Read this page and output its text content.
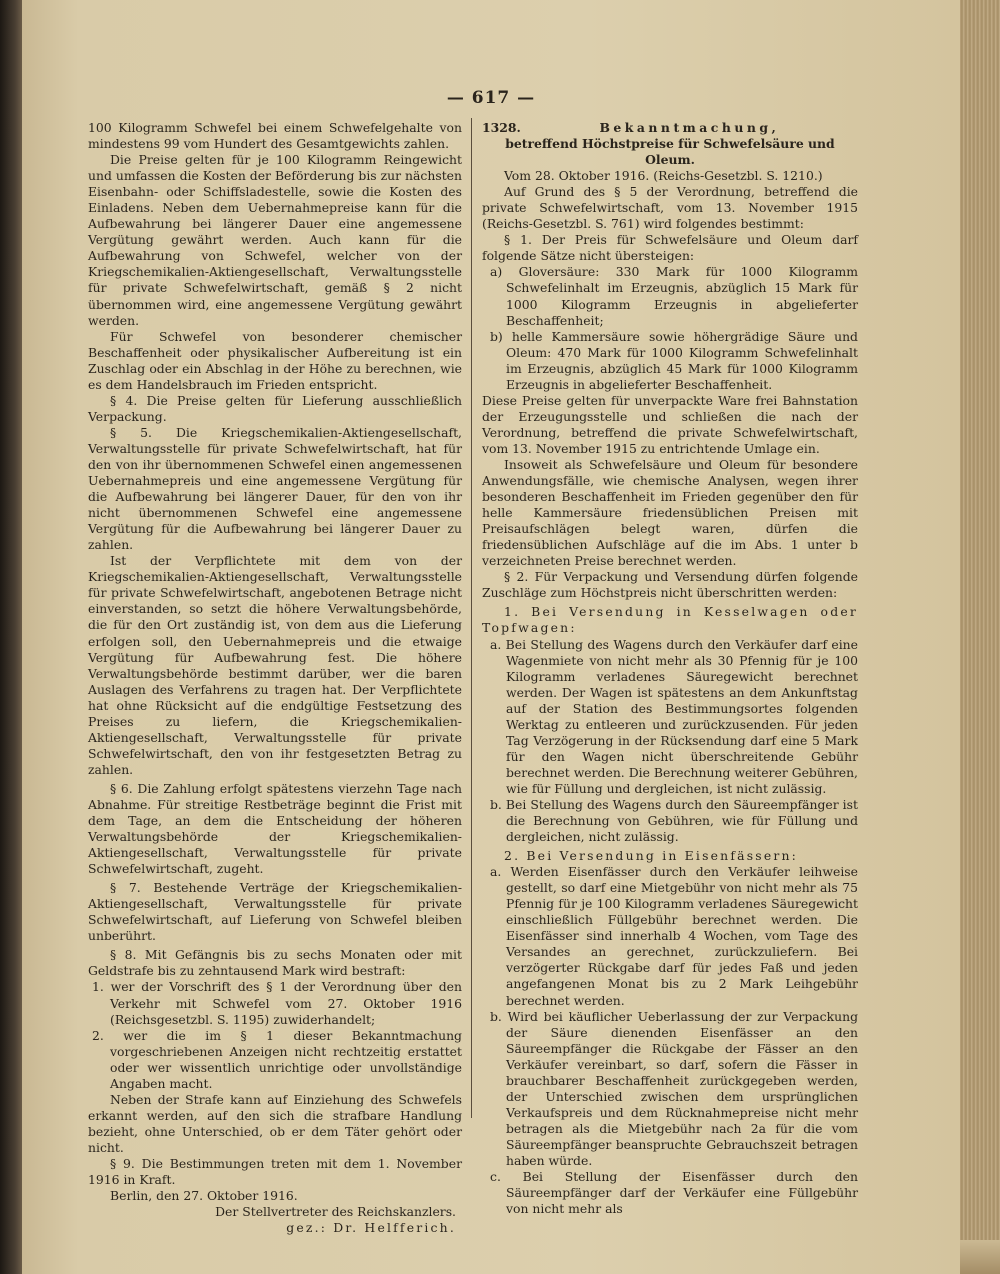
— 617 —

100 Kilogramm Schwefel bei einem Schwefelgehalte von mindestens 99 vom Hundert des Gesamtgewichts zahlen.

Die Preise gelten für je 100 Kilogramm Reingewicht und umfassen die Kosten der Beförderung bis zur nächsten Eisenbahn- oder Schiffsladestelle, sowie die Kosten des Einladens. Neben dem Uebernahmepreise kann für die Aufbewahrung bei längerer Dauer eine angemessene Vergütung gewährt werden. Auch kann für die Aufbewahrung von Schwefel, welcher von der Kriegschemikalien-Aktiengesellschaft, Verwaltungsstelle für private Schwefelwirtschaft, gemäß § 2 nicht übernommen wird, eine angemessene Vergütung gewährt werden.

Für Schwefel von besonderer chemischer Beschaffenheit oder physikalischer Aufbereitung ist ein Zuschlag oder ein Abschlag in der Höhe zu berechnen, wie es dem Handelsbrauch im Frieden entspricht.

§ 4. Die Preise gelten für Lieferung ausschließlich Verpackung.

§ 5. Die Kriegschemikalien-Aktiengesellschaft, Verwaltungsstelle für private Schwefelwirtschaft, hat für den von ihr übernommenen Schwefel einen angemessenen Uebernahmepreis und eine angemessene Vergütung für die Aufbewahrung bei längerer Dauer, für den von ihr nicht übernommenen Schwefel eine angemessene Vergütung für die Aufbewahrung bei längerer Dauer zu zahlen.

Ist der Verpflichtete mit dem von der Kriegschemikalien-Aktiengesellschaft, Verwaltungsstelle für private Schwefelwirtschaft, angebotenen Betrage nicht einverstanden, so setzt die höhere Verwaltungsbehörde, die für den Ort zuständig ist, von dem aus die Lieferung erfolgen soll, den Uebernahmepreis und die etwaige Vergütung für Aufbewahrung fest. Die höhere Verwaltungsbehörde bestimmt darüber, wer die baren Auslagen des Verfahrens zu tragen hat. Der Verpflichtete hat ohne Rücksicht auf die endgültige Festsetzung des Preises zu liefern, die Kriegschemikalien-Aktiengesellschaft, Verwaltungsstelle für private Schwefelwirtschaft, den von ihr festgesetzten Betrag zu zahlen.

§ 6. Die Zahlung erfolgt spätestens vierzehn Tage nach Abnahme. Für streitige Restbeträge beginnt die Frist mit dem Tage, an dem die Entscheidung der höheren Verwaltungsbehörde der Kriegschemikalien-Aktiengesellschaft, Verwaltungsstelle für private Schwefelwirtschaft, zugeht.

§ 7. Bestehende Verträge der Kriegschemikalien-Aktiengesellschaft, Verwaltungsstelle für private Schwefelwirtschaft, auf Lieferung von Schwefel bleiben unberührt.

§ 8. Mit Gefängnis bis zu sechs Monaten oder mit Geldstrafe bis zu zehntausend Mark wird bestraft:

1. wer der Vorschrift des § 1 der Verordnung über den Verkehr mit Schwefel vom 27. Oktober 1916 (Reichsgesetzbl. S. 1195) zuwiderhandelt;

2. wer die im § 1 dieser Bekanntmachung vorgeschriebenen Anzeigen nicht rechtzeitig erstattet oder wer wissentlich unrichtige oder unvollständige Angaben macht.

Neben der Strafe kann auf Einziehung des Schwefels erkannt werden, auf den sich die strafbare Handlung bezieht, ohne Unterschied, ob er dem Täter gehört oder nicht.

§ 9. Die Bestimmungen treten mit dem 1. November 1916 in Kraft.

Berlin, den 27. Oktober 1916.

Der Stellvertreter des Reichskanzlers.

gez.: Dr. Helfferich.

1328.	Bekanntmachung,

betreffend Höchstpreise für Schwefelsäure und Oleum.

Vom 28. Oktober 1916. (Reichs-Gesetzbl. S. 1210.)

Auf Grund des § 5 der Verordnung, betreffend die private Schwefelwirtschaft, vom 13. November 1915 (Reichs-Gesetzbl. S. 761) wird folgendes bestimmt:

§ 1. Der Preis für Schwefelsäure und Oleum darf folgende Sätze nicht übersteigen:

a) Gloversäure: 330 Mark für 1000 Kilogramm Schwefelinhalt im Erzeugnis, abzüglich 15 Mark für 1000 Kilogramm Erzeugnis in abgelieferter Beschaffenheit;

b) helle Kammersäure sowie höhergrädige Säure und Oleum: 470 Mark für 1000 Kilogramm Schwefelinhalt im Erzeugnis, abzüglich 45 Mark für 1000 Kilogramm Erzeugnis in abgelieferter Beschaffenheit.

Diese Preise gelten für unverpackte Ware frei Bahnstation der Erzeugungsstelle und schließen die nach der Verordnung, betreffend die private Schwefelwirtschaft, vom 13. November 1915 zu entrichtende Umlage ein.

Insoweit als Schwefelsäure und Oleum für besondere Anwendungsfälle, wie chemische Analysen, wegen ihrer besonderen Beschaffenheit im Frieden gegenüber den für helle Kammersäure friedensüblichen Preisen mit Preisaufschlägen belegt waren, dürfen die friedensüblichen Aufschläge auf die im Abs. 1 unter b verzeichneten Preise berechnet werden.

§ 2. Für Verpackung und Versendung dürfen folgende Zuschläge zum Höchstpreis nicht überschritten werden:

1. Bei Versendung in Kesselwagen oder Topfwagen:

a. Bei Stellung des Wagens durch den Verkäufer darf eine Wagenmiete von nicht mehr als 30 Pfennig für je 100 Kilogramm verladenes Säuregewicht berechnet werden. Der Wagen ist spätestens an dem Ankunftstag auf der Station des Bestimmungsortes folgenden Werktag zu entleeren und zurückzusenden. Für jeden Tag Verzögerung in der Rücksendung darf eine 5 Mark für den Wagen nicht überschreitende Gebühr berechnet werden. Die Berechnung weiterer Gebühren, wie für Füllung und dergleichen, ist nicht zulässig.

b. Bei Stellung des Wagens durch den Säureempfänger ist die Berechnung von Gebühren, wie für Füllung und dergleichen, nicht zulässig.

2. Bei Versendung in Eisenfässern:

a. Werden Eisenfässer durch den Verkäufer leihweise gestellt, so darf eine Mietgebühr von nicht mehr als 75 Pfennig für je 100 Kilogramm verladenes Säuregewicht einschließlich Füllgebühr berechnet werden. Die Eisenfässer sind innerhalb 4 Wochen, vom Tage des Versandes an gerechnet, zurückzuliefern. Bei verzögerter Rückgabe darf für jedes Faß und jeden angefangenen Monat bis zu 2 Mark Leihgebühr berechnet werden.

b. Wird bei käuflicher Ueberlassung der zur Verpackung der Säure dienenden Eisenfässer an den Säureempfänger die Rückgabe der Fässer an den Verkäufer vereinbart, so darf, sofern die Fässer in brauchbarer Beschaffenheit zurückgegeben werden, der Unterschied zwischen dem ursprünglichen Verkaufspreis und dem Rücknahmepreise nicht mehr betragen als die Mietgebühr nach 2a für die vom Säureempfänger beanspruchte Gebrauchszeit betragen haben würde.

c. Bei Stellung der Eisenfässer durch den Säureempfänger darf der Verkäufer eine Füllgebühr von nicht mehr als
